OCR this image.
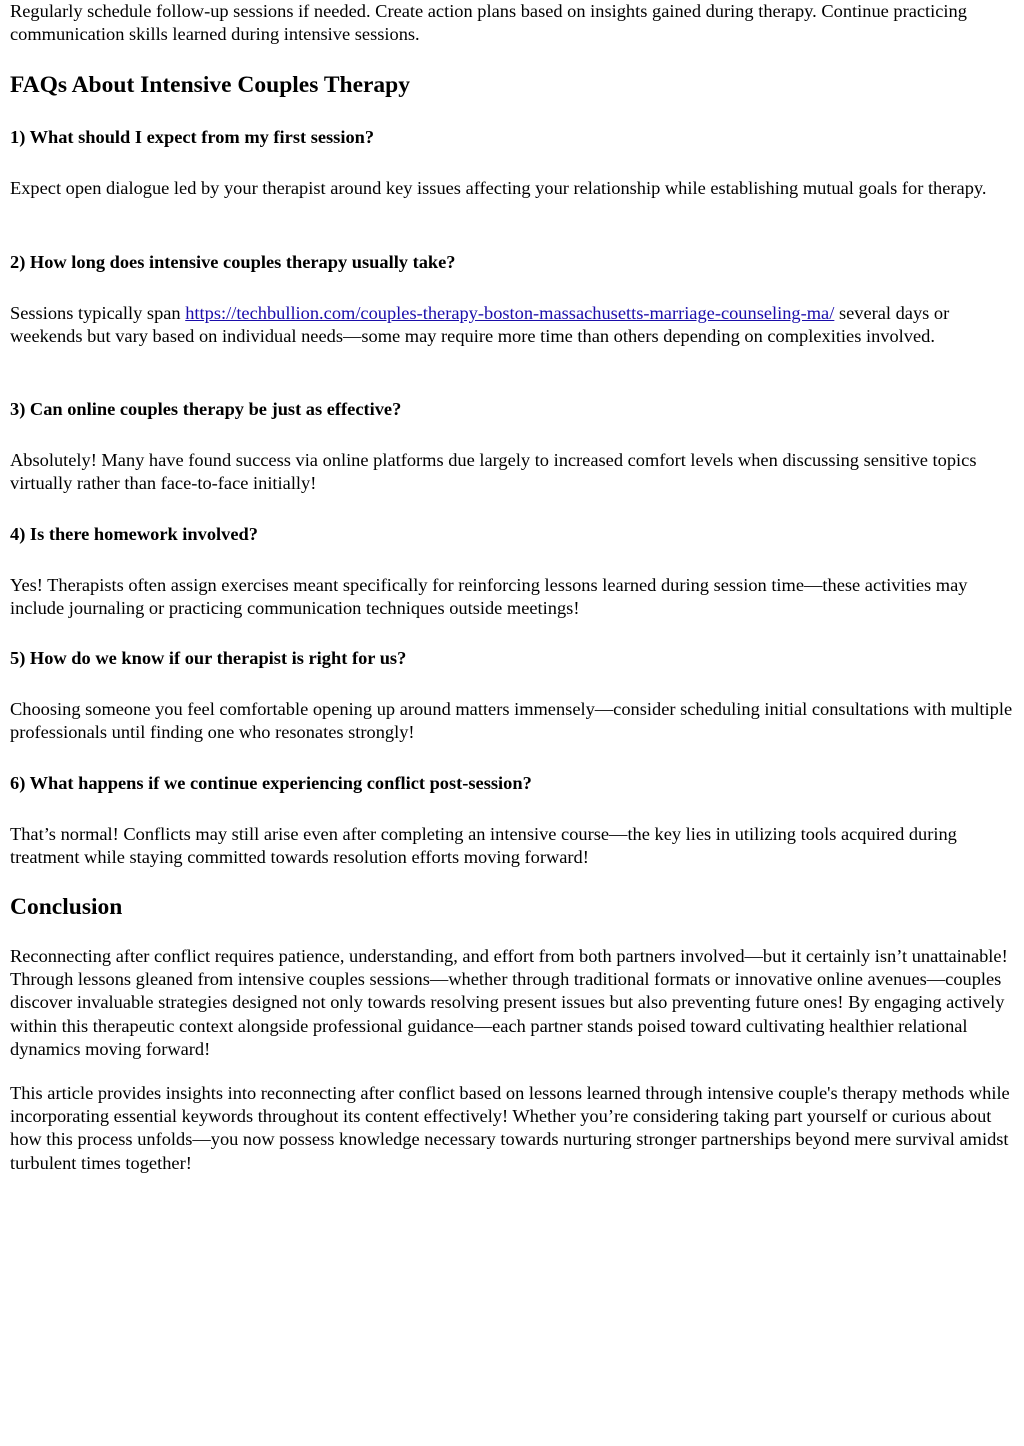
Regularly schedule follow-up sessions if needed. Create action plans based on insights gained during therapy. Continue practicing communication skills learned during intensive sessions.

FAQs About Intensive Couples Therapy
1) What should I expect from my first session?

Expect open dialogue led by your therapist around key issues affecting your relationship while establishing mutual goals for therapy.

2) How long does intensive couples therapy usually take?

Sessions typically span https://techbullion.com/couples-therapy-boston-massachusetts-marriage-counseling-ma/ several days or weekends but vary based on individual needs—some may require more time than others depending on complexities involved.

3) Can online couples therapy be just as effective?

Absolutely! Many have found success via online platforms due largely to increased comfort levels when discussing sensitive topics virtually rather than face-to-face initially!

4) Is there homework involved?

Yes! Therapists often assign exercises meant specifically for reinforcing lessons learned during session time—these activities may include journaling or practicing communication techniques outside meetings!

5) How do we know if our therapist is right for us?

Choosing someone you feel comfortable opening up around matters immensely—consider scheduling initial consultations with multiple professionals until finding one who resonates strongly!

6) What happens if we continue experiencing conflict post-session?

That’s normal! Conflicts may still arise even after completing an intensive course—the key lies in utilizing tools acquired during treatment while staying committed towards resolution efforts moving forward!

Conclusion

Reconnecting after conflict requires patience, understanding, and effort from both partners involved—but it certainly isn’t unattainable! Through lessons gleaned from intensive couples sessions—whether through traditional formats or innovative online avenues—couples discover invaluable strategies designed not only towards resolving present issues but also preventing future ones! By engaging actively within this therapeutic context alongside professional guidance—each partner stands poised toward cultivating healthier relational dynamics moving forward!

This article provides insights into reconnecting after conflict based on lessons learned through intensive couple's therapy methods while incorporating essential keywords throughout its content effectively! Whether you’re considering taking part yourself or curious about how this process unfolds—you now possess knowledge necessary towards nurturing stronger partnerships beyond mere survival amidst turbulent times together!
